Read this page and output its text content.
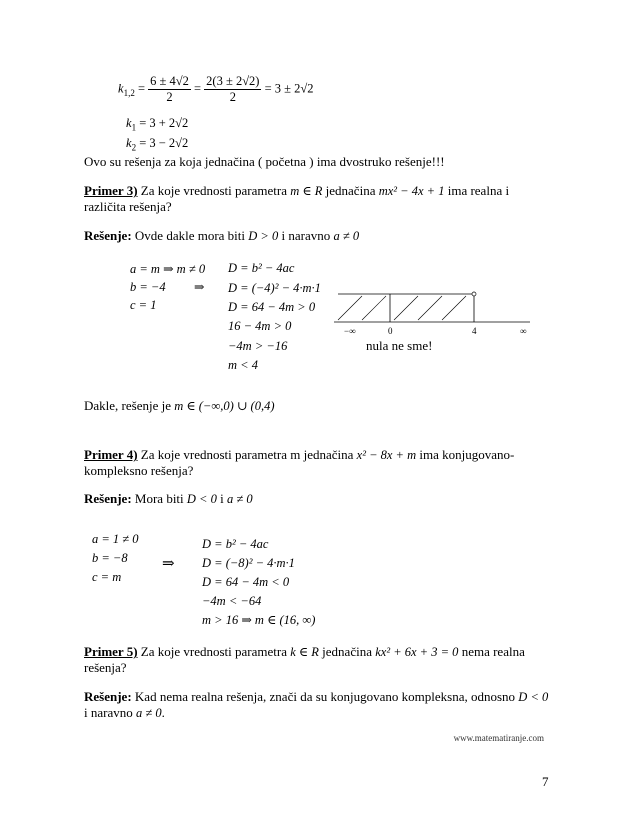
$k_{1,2} = \frac{6 \pm 4√2}{2} = \frac{2(3 \pm 2√2)}{2} = 3 \pm 2√2$
$k_1 = 3 + 2√2$
$k_2 = 3 - 2√2$
Ovo su rešenja za koja jednačina ( početna ) ima dvostruko rešenje!!!
Primer 3) Za koje vrednosti parametra m ∈ R jednačina mx² − 4x + 1 ima realna i
različita rešenja?
Rešenje: Ovde dakle mora biti D > 0 i naravno a ≠ 0
a = m ⇒ m ≠ 0
b = −4
c = 1
⇒
D = b² − 4ac
D = (−4)² − 4·m·1
D = 64 − 4m > 0
16 − 4m > 0
−4m > −16
m < 4
−∞	0	4	∞
nula ne sme!
Dakle, rešenje je m ∈ (−∞,0) ∪ (0,4)
Primer 4) Za koje vrednosti parametra m jednačina x² − 8x + m ima konjugovano-
kompleksno rešenja?
Rešenje: Mora biti D < 0 i a ≠ 0
a = 1 ≠ 0
b = −8
c = m
⇒
D = b² − 4ac
D = (−8)² − 4·m·1
D = 64 − 4m < 0
−4m < −64
m > 16 ⇒ m ∈ (16, ∞)
Primer 5) Za koje vrednosti parametra k ∈ R jednačina kx² + 6x + 3 = 0 nema realna
rešenja?
Rešenje: Kad nema realna rešenja, znači da su konjugovano kompleksna, odnosno D < 0
i naravno a ≠ 0.
www.matematiranje.com
7
